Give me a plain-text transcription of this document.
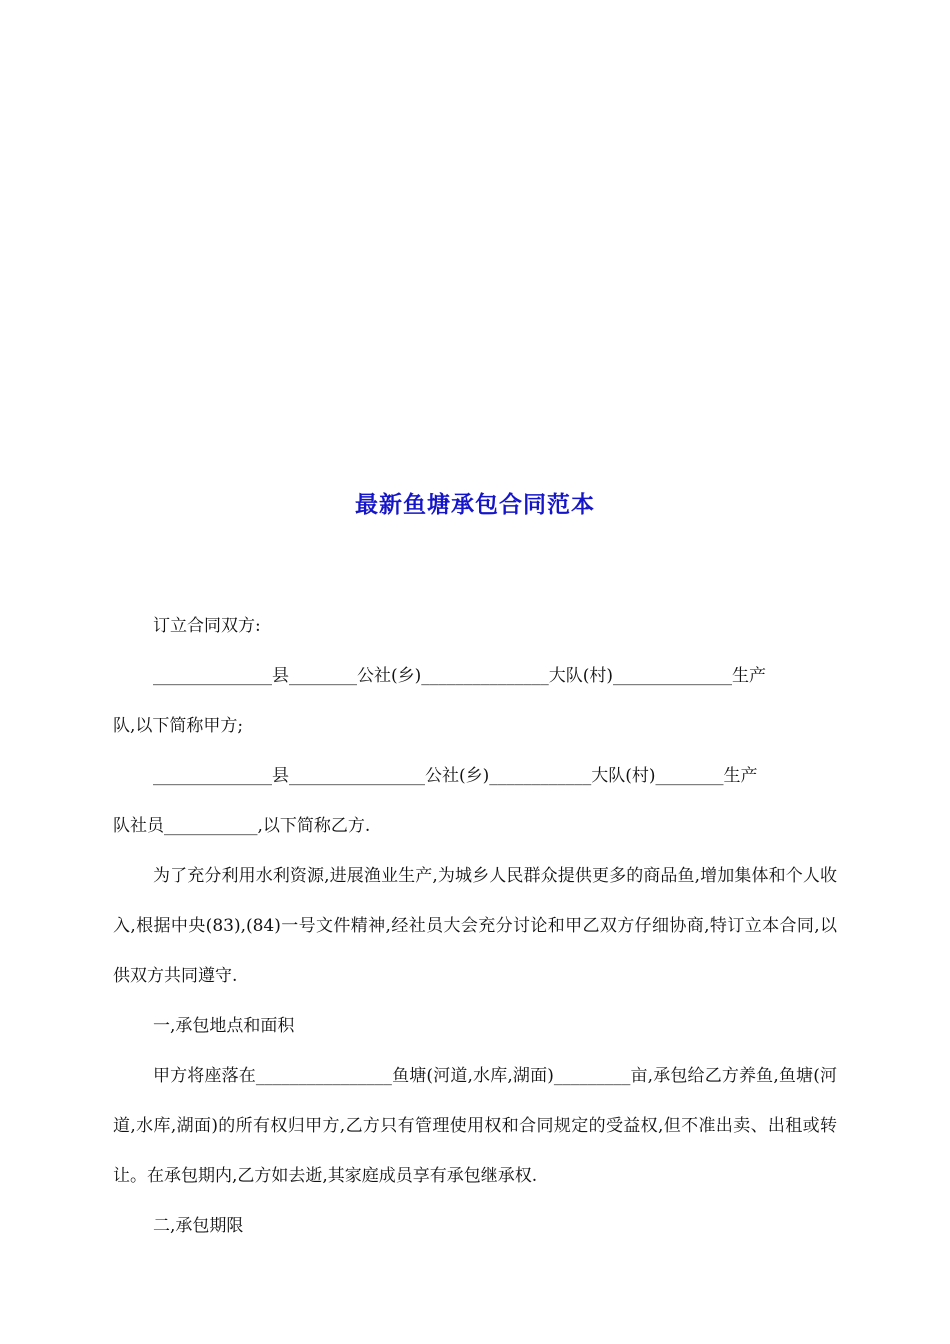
最新鱼塘承包合同范本

订立合同双方:

______________县________公社(乡)_______________大队(村)______________生产

队,以下简称甲方;

______________县________________公社(乡)____________大队(村)________生产

队社员___________,以下简称乙方.

为了充分利用水利资源,进展渔业生产,为城乡人民群众提供更多的商品鱼,增加集体和个人收入,根据中央(83),(84)一号文件精神,经社员大会充分讨论和甲乙双方仔细协商,特订立本合同,以供双方共同遵守.

一,承包地点和面积

甲方将座落在________________鱼塘(河道,水库,湖面)_________亩,承包给乙方养鱼,鱼塘(河道,水库,湖面)的所有权归甲方,乙方只有管理使用权和合同规定的受益权,但不准出卖、出租或转让。在承包期内,乙方如去逝,其家庭成员享有承包继承权.

二,承包期限
